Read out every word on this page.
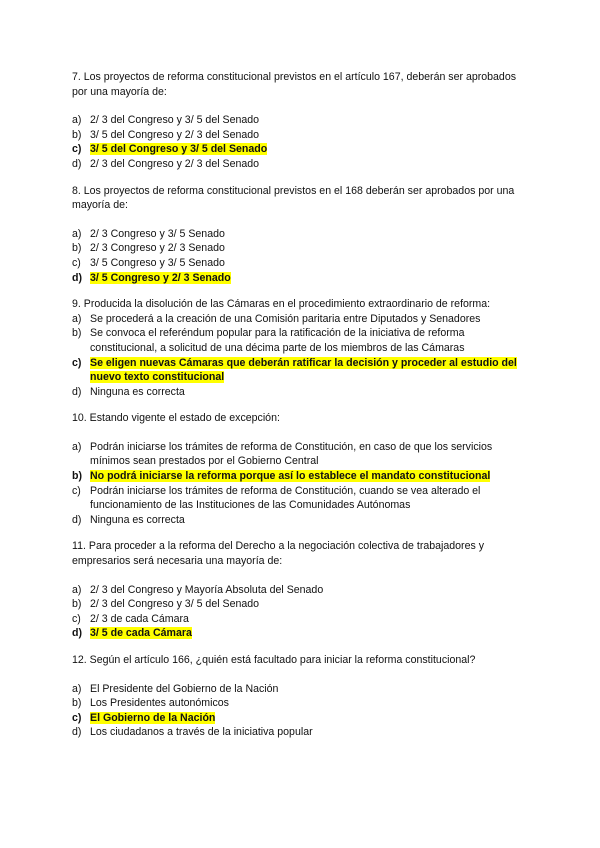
7. Los proyectos de reforma constitucional previstos en el artículo 167, deberán ser aprobados por una mayoría de:

a) 2/ 3 del Congreso y 3/ 5 del Senado
b) 3/ 5 del Congreso y 2/ 3 del Senado
c) 3/ 5 del Congreso y 3/ 5 del Senado
d) 2/ 3 del Congreso y 2/ 3 del Senado

8. Los proyectos de reforma constitucional previstos en el 168 deberán ser aprobados por una mayoría de:

a) 2/ 3 Congreso y 3/ 5 Senado
b) 2/ 3 Congreso y 2/ 3 Senado
c) 3/ 5 Congreso y 3/ 5 Senado
d) 3/ 5 Congreso y 2/ 3 Senado

9. Producida la disolución de las Cámaras en el procedimiento extraordinario de reforma:

a) Se procederá a la creación de una Comisión paritaria entre Diputados y Senadores
b) Se convoca el referéndum popular para la ratificación de la iniciativa de reforma constitucional, a solicitud de una décima parte de los miembros de las Cámaras
c) Se eligen nuevas Cámaras que deberán ratificar la decisión y proceder al estudio del nuevo texto constitucional
d) Ninguna es correcta

10. Estando vigente el estado de excepción:

a) Podrán iniciarse los trámites de reforma de Constitución, en caso de que los servicios mínimos sean prestados por el Gobierno Central
b) No podrá iniciarse la reforma porque así lo establece el mandato constitucional
c) Podrán iniciarse los trámites de reforma de Constitución, cuando se vea alterado el funcionamiento de las Instituciones de las Comunidades Autónomas
d) Ninguna es correcta

11. Para proceder a la reforma del Derecho a la negociación colectiva de trabajadores y empresarios será necesaria una mayoría de:

a) 2/ 3 del Congreso y Mayoría Absoluta del Senado
b) 2/ 3 del Congreso y 3/ 5 del Senado
c) 2/ 3 de cada Cámara
d) 3/ 5 de cada Cámara

12. Según el artículo 166, ¿quién está facultado para iniciar la reforma constitucional?

a) El Presidente del Gobierno de la Nación
b) Los Presidentes autonómicos
c) El Gobierno de la Nación
d) Los ciudadanos a través de la iniciativa popular
